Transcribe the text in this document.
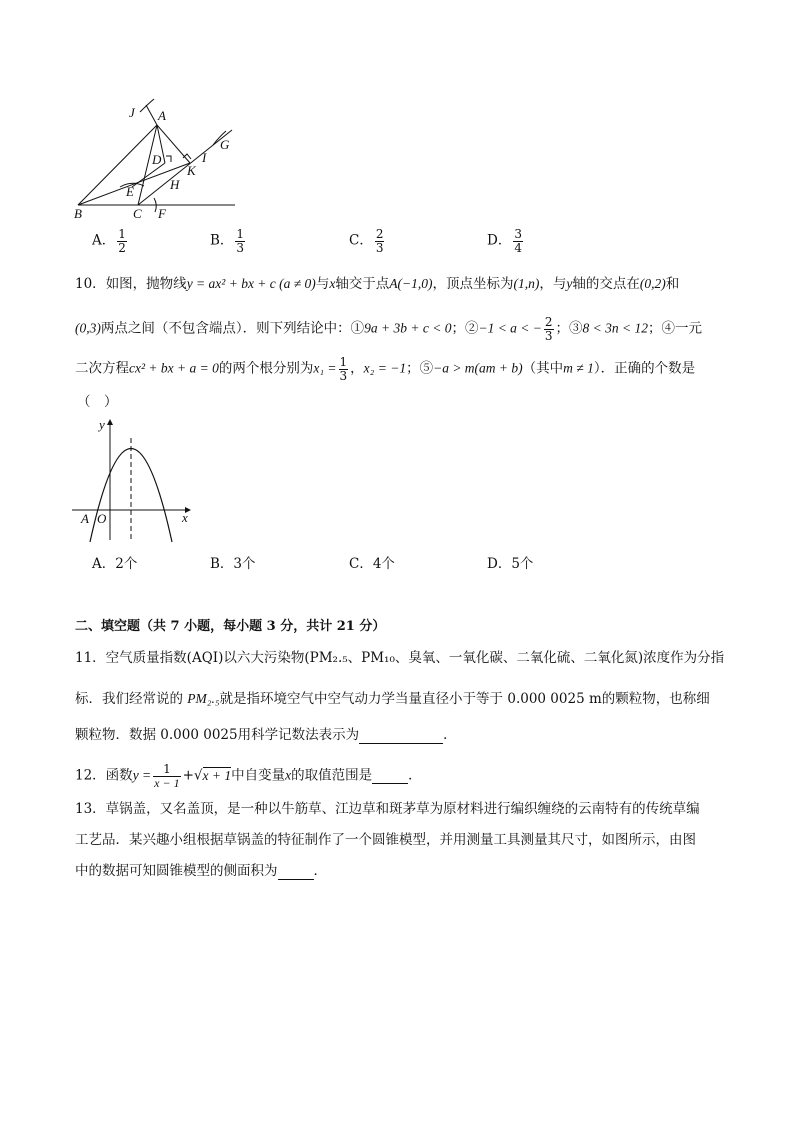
J A
G
I
D
K
H
E
B	C F
A． $\frac{1}{2}$	B． $\frac{1}{3}$	C． $\frac{2}{3}$	D． $\frac{3}{4}$
10．如图，抛物线y = ax² + bx + c (a ≠ 0)与x轴交于点A(−1,0)，顶点坐标为(1,n)，与y轴的交点在(0,2)和
(0,3)两点之间（不包含端点）．则下列结论中：①9a + 3b + c < 0；②−1 < a < − $\frac{2}{3}$ ；③8 < 3n < 12；④一元
二次方程cx² + bx + a = 0的两个根分别为$x_1 = \frac{1}{3}$ ，x₂ = −1；⑤−a > m(am + b)（其中m ≠ 1）．正确的个数是
（　）
y
x
A O
A．2个	B．3个	C．4个	D．5个
二、填空题（共 7 小题，每小题 3 分，共计 21 分）
11．空气质量指数(AQI)以六大污染物(PM₂.₅、PM₁₀、臭氧、一氧化碳、二氧化硫、二氧化氮)浓度作为分指
标．我们经常说的 PM₂.₅就是指环境空气中空气动力学当量直径小于等于 0.000 0025 m的颗粒物，也称细
颗粒物．数据 0.000 0025用科学记数法表示为	．
12．函数$y = \frac{1}{x - 1} +√x + 1$中自变量x的取值范围是	．
13．草锅盖，又名盖顶，是一种以牛筋草、江边草和斑茅草为原材料进行编织缠绕的云南特有的传统草编
工艺品．某兴趣小组根据草锅盖的特征制作了一个圆锥模型，并用测量工具测量其尺寸，如图所示，由图
中的数据可知圆锥模型的侧面积为	．
